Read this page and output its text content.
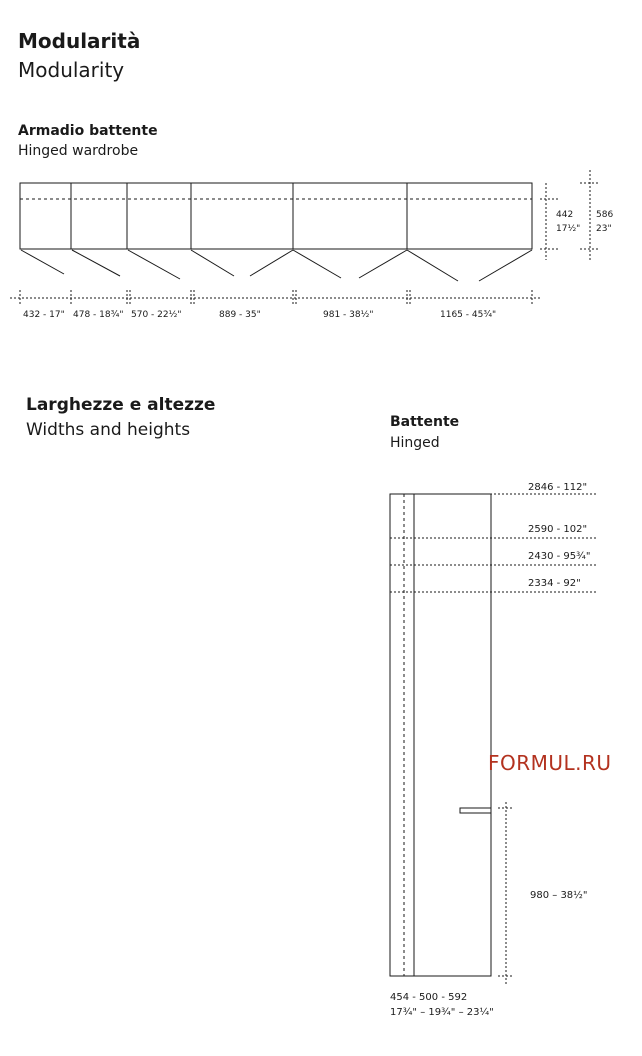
Modularità
Modularity
Armadio battente
Hinged wardrobe
Larghezze e altezze
Widths and heights	Battente
Hinged
432 - 17" 478 - 18¾" 570 - 22½"	889 - 35"	981 - 38½"	1165 - 45¾"
442
17½"
586
23"
2846 - 112"
2590 - 102"
2430 - 95¾"
2334 - 92"
980 – 38½"
454 - 500 - 592
17¾" – 19¾" – 23¼"
FORMUL.RU
